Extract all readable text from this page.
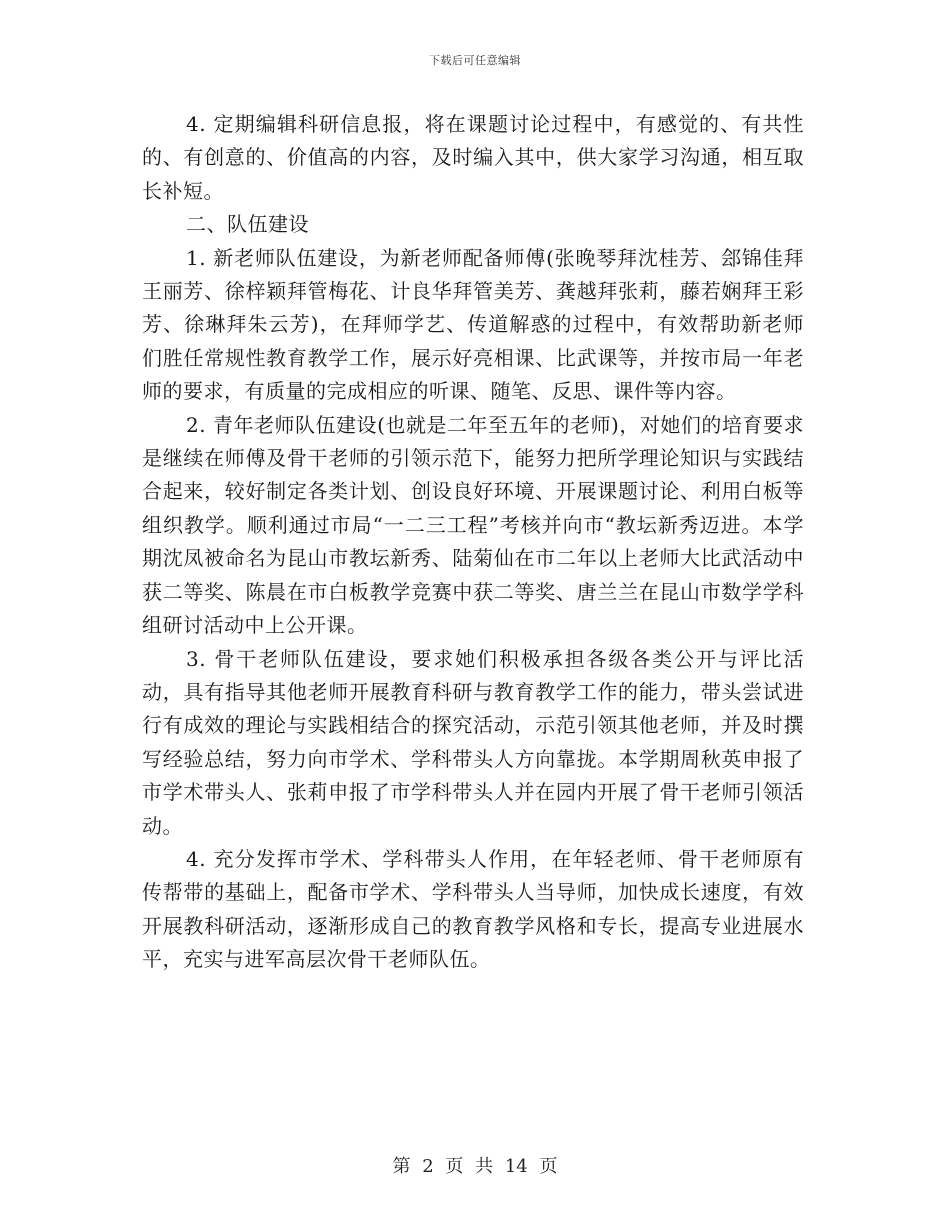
下载后可任意编辑

4. 定期编辑科研信息报，将在课题讨论过程中，有感觉的、有共性的、有创意的、价值高的内容，及时编入其中，供大家学习沟通，相互取长补短。

二、队伍建设

1. 新老师队伍建设，为新老师配备师傅(张晚琴拜沈桂芳、郐锦佳拜王丽芳、徐梓颖拜管梅花、计良华拜管美芳、龚越拜张莉，藤若娴拜王彩芳、徐琳拜朱云芳)，在拜师学艺、传道解惑的过程中，有效帮助新老师们胜任常规性教育教学工作，展示好亮相课、比武课等，并按市局一年老师的要求，有质量的完成相应的听课、随笔、反思、课件等内容。

2. 青年老师队伍建设(也就是二年至五年的老师)，对她们的培育要求是继续在师傅及骨干老师的引领示范下，能努力把所学理论知识与实践结合起来，较好制定各类计划、创设良好环境、开展课题讨论、利用白板等组织教学。顺利通过市局“一二三工程”考核并向市“教坛新秀迈进。本学期沈凤被命名为昆山市教坛新秀、陆菊仙在市二年以上老师大比武活动中获二等奖、陈晨在市白板教学竞赛中获二等奖、唐兰兰在昆山市数学学科组研讨活动中上公开课。

3. 骨干老师队伍建设，要求她们积极承担各级各类公开与评比活动，具有指导其他老师开展教育科研与教育教学工作的能力，带头尝试进行有成效的理论与实践相结合的探究活动，示范引领其他老师，并及时撰写经验总结，努力向市学术、学科带头人方向靠拢。本学期周秋英申报了市学术带头人、张莉申报了市学科带头人并在园内开展了骨干老师引领活动。

4. 充分发挥市学术、学科带头人作用，在年轻老师、骨干老师原有传帮带的基础上，配备市学术、学科带头人当导师，加快成长速度，有效开展教科研活动，逐渐形成自己的教育教学风格和专长，提高专业进展水平，充实与进军高层次骨干老师队伍。

第 2 页 共 14 页
